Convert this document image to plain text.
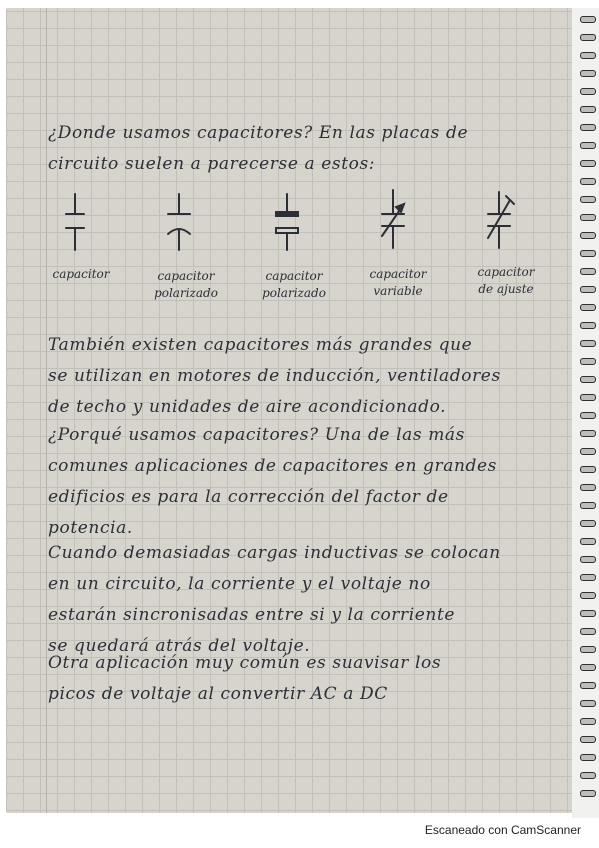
¿Donde usamos capacitores? En las placas de
circuito suelen a parecerse a estos:
capacitor	capacitor
polarizado
capacitor
polarizado
capacitor
variable
capacitor
de ajuste
También existen capacitores más grandes que
se utilizan en motores de inducción, ventiladores
de techo y unidades de aire acondicionado.
¿Porqué usamos capacitores? Una de las más
comunes aplicaciones de capacitores en grandes
edificios es para la corrección del factor de
potencia.
Cuando demasiadas cargas inductivas se colocan
en un circuito, la corriente y el voltaje no
estarán sincronisadas entre si y la corriente
se quedará atrás del voltaje.
Otra aplicación muy común es suavisar los
picos de voltaje al convertir AC a DC
Escaneado con CamScanner
